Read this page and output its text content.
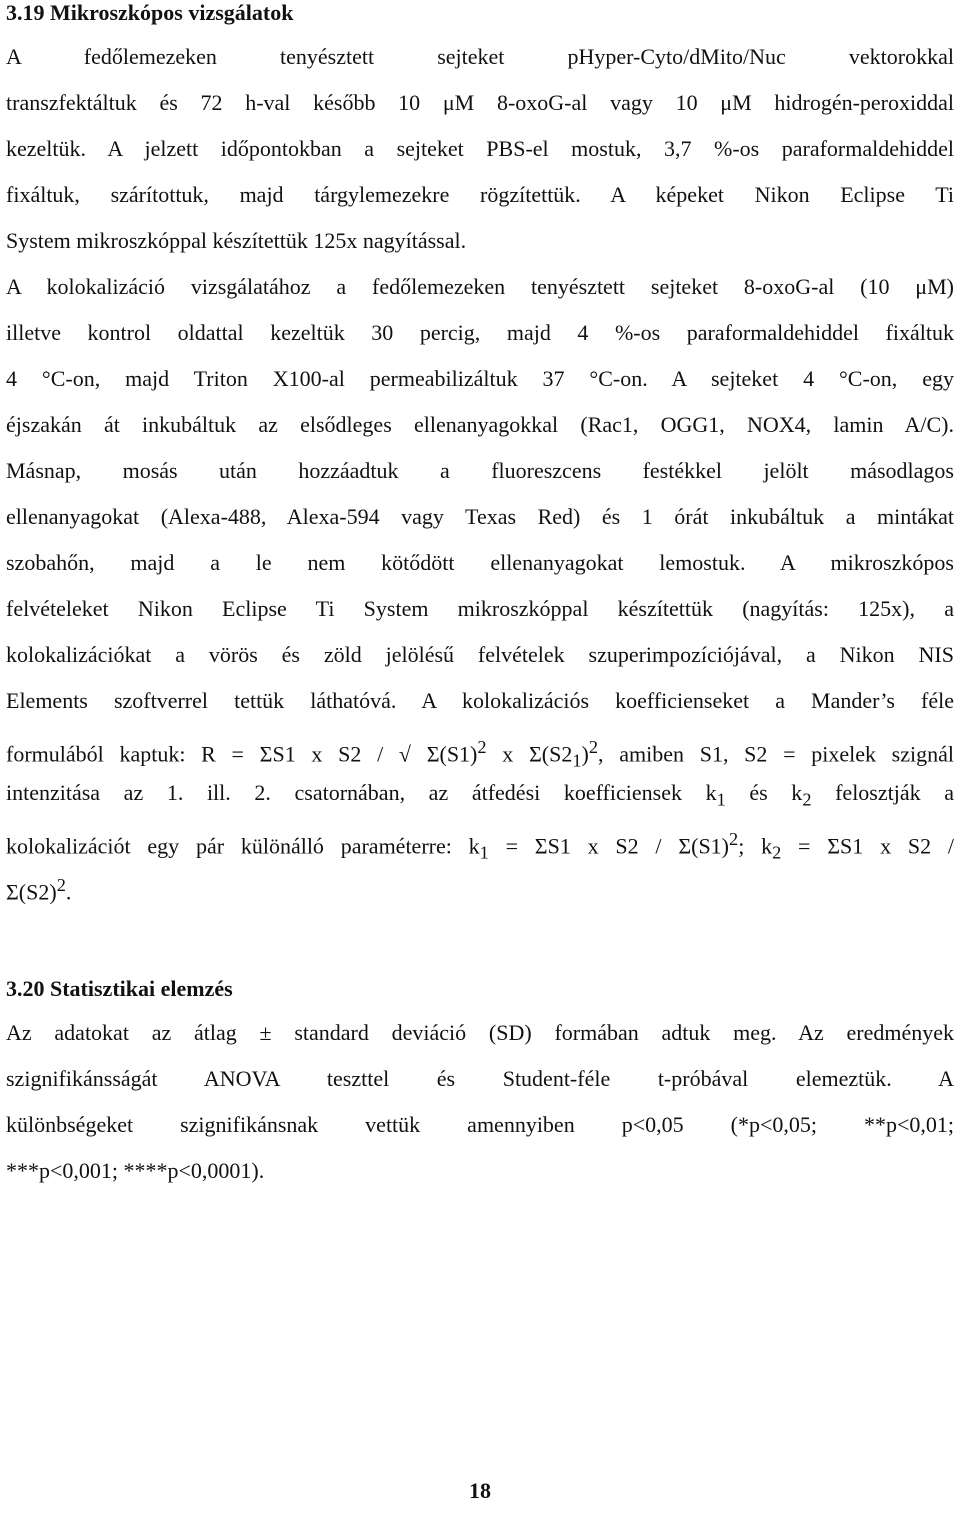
3.19 Mikroszkópos vizsgálatok
A fedőlemezeken tenyésztett sejteket pHyper-Cyto/dMito/Nuc vektorokkal
transzfektáltuk és 72 h-val később 10 μM 8-oxoG-al vagy 10 μM hidrogén-peroxiddal
kezeltük. A jelzett időpontokban a sejteket PBS-el mostuk, 3,7 %-os paraformaldehiddel
fixáltuk, szárítottuk, majd tárgylemezekre rögzítettük. A képeket Nikon Eclipse Ti
System mikroszkóppal készítettük 125x nagyítással.
A kolokalizáció vizsgálatához a fedőlemezeken tenyésztett sejteket 8-oxoG-al (10 μM)
illetve kontrol oldattal kezeltük 30 percig, majd 4 %-os paraformaldehiddel fixáltuk
4 °C-on, majd Triton X100-al permeabilizáltuk 37 °C-on. A sejteket 4 °C-on, egy
éjszakán át inkubáltuk az elsődleges ellenanyagokkal (Rac1, OGG1, NOX4, lamin A/C).
Másnap, mosás után hozzáadtuk a fluoreszcens festékkel jelölt másodlagos
ellenanyagokat (Alexa-488, Alexa-594 vagy Texas Red) és 1 órát inkubáltuk a mintákat
szobahőn, majd a le nem kötődött ellenanyagokat lemostuk. A mikroszkópos
felvételeket Nikon Eclipse Ti System mikroszkóppal készítettük (nagyítás: 125x), a
kolokalizációkat a vörös és zöld jelölésű felvételek szuperimpozíciójával, a Nikon NIS
Elements szoftverrel tettük láthatóvá. A kolokalizációs koefficienseket a Mander’s féle
formulából kaptuk: R = ΣS1 x S2 / √ $\Sigma(S1)^2$ x $\Sigma(S2_1)^2$, amiben S1, S2 = pixelek szignál
intenzitása az 1. ill. 2. csatornában, az átfedési koefficiensek $k_1$ és $k_2$ felosztják a
kolokalizációt egy pár különálló paraméterre: $k_1 = \Sigma S1$ x $S2 / \Sigma(S1)^2$; $k_2 = \Sigma S1$ x S2 /
$\Sigma(S2)^2$.
3.20 Statisztikai elemzés
Az adatokat az átlag ± standard deviáció (SD) formában adtuk meg. Az eredmények
szignifikánsságát ANOVA teszttel és Student-féle t-próbával elemeztük. A
különbségeket szignifikánsnak vettük amennyiben p<0,05 (*p<0,05; **p<0,01;
***p<0,001; ****p<0,0001).
18
